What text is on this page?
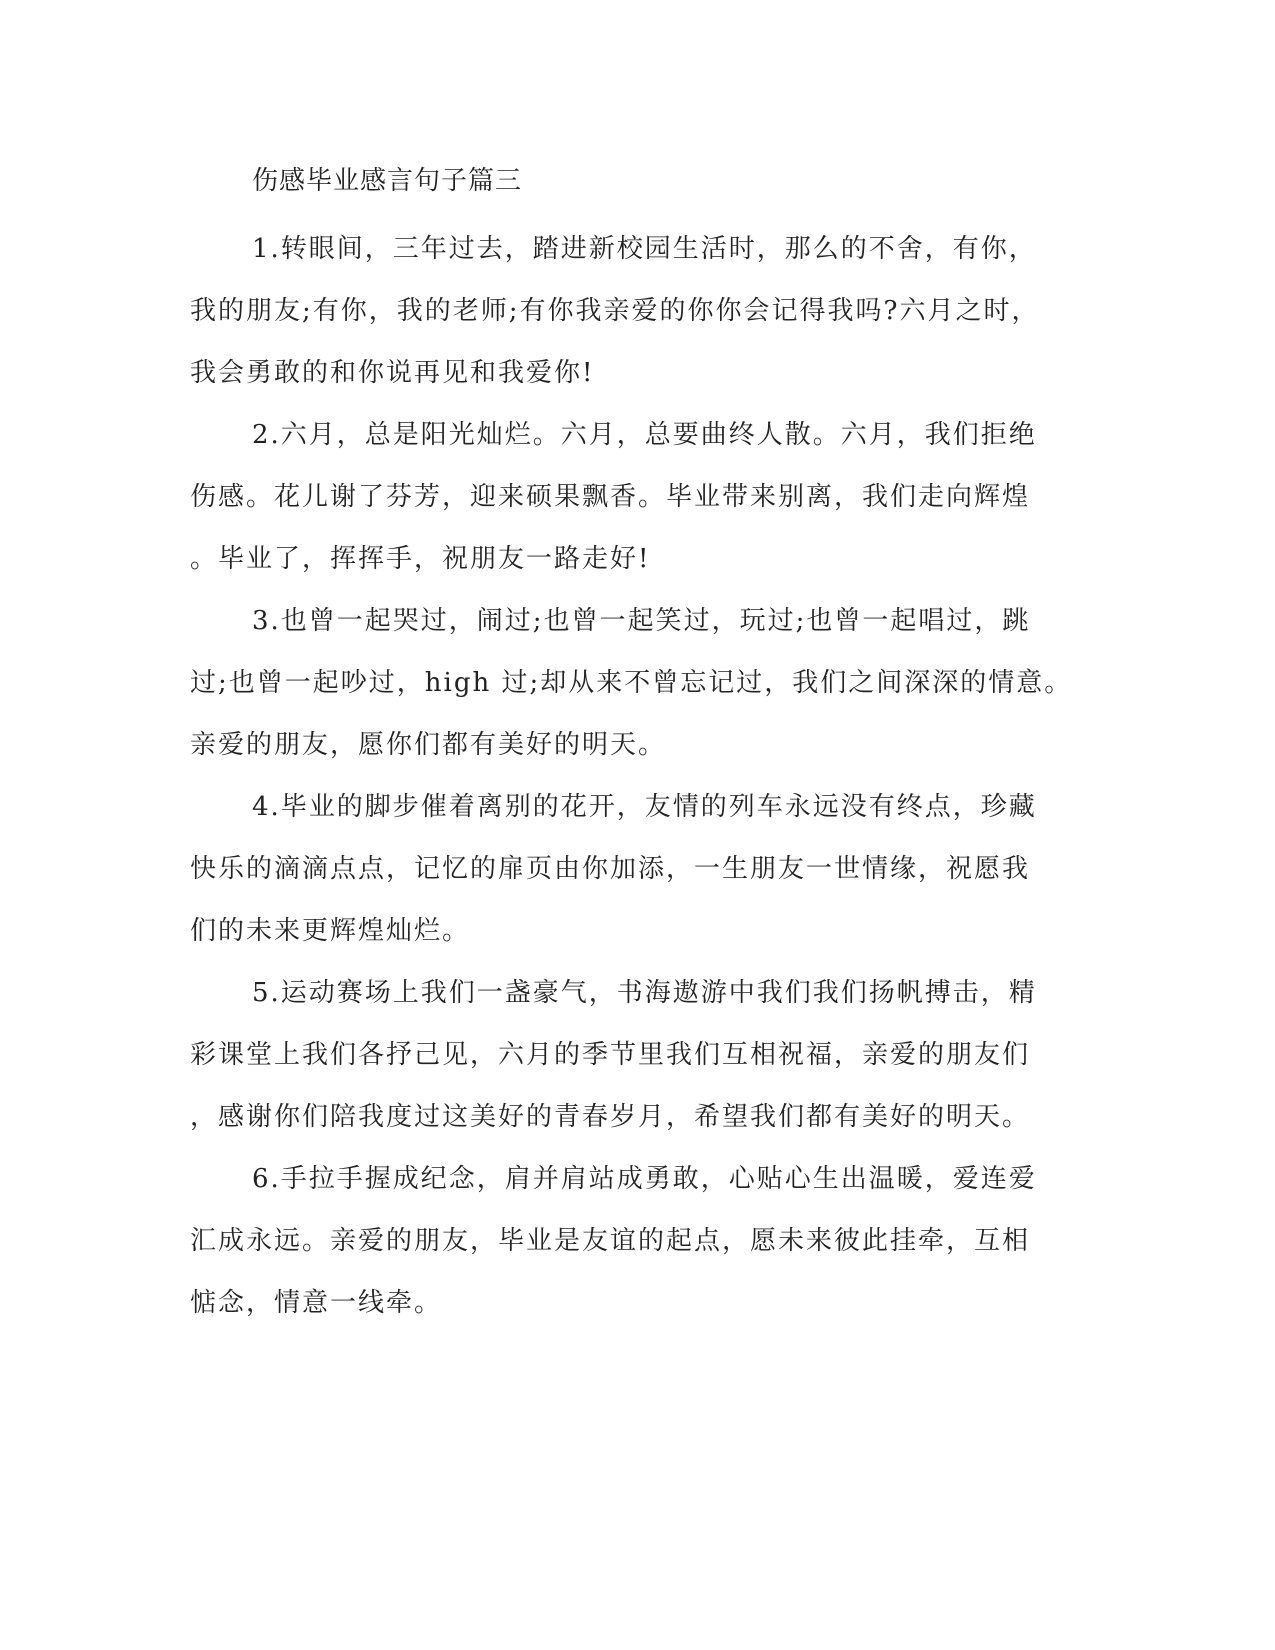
伤感毕业感言句子篇三
1.转眼间，三年过去，踏进新校园生活时，那么的不舍，有你，
我的朋友;有你，我的老师;有你我亲爱的你你会记得我吗?六月之时，
我会勇敢的和你说再见和我爱你!
2.六月，总是阳光灿烂。六月，总要曲终人散。六月，我们拒绝
伤感。花儿谢了芬芳，迎来硕果飘香。毕业带来别离，我们走向辉煌
。毕业了，挥挥手，祝朋友一路走好!
3.也曾一起哭过，闹过;也曾一起笑过，玩过;也曾一起唱过，跳
过;也曾一起吵过，high 过;却从来不曾忘记过，我们之间深深的情意。
亲爱的朋友，愿你们都有美好的明天。
4.毕业的脚步催着离别的花开，友情的列车永远没有终点，珍藏
快乐的滴滴点点，记忆的扉页由你加添，一生朋友一世情缘，祝愿我
们的未来更辉煌灿烂。
5.运动赛场上我们一盏豪气，书海遨游中我们我们扬帆搏击，精
彩课堂上我们各抒己见，六月的季节里我们互相祝福，亲爱的朋友们
，感谢你们陪我度过这美好的青春岁月，希望我们都有美好的明天。
6.手拉手握成纪念，肩并肩站成勇敢，心贴心生出温暖，爱连爱
汇成永远。亲爱的朋友，毕业是友谊的起点，愿未来彼此挂牵，互相
惦念，情意一线牵。
